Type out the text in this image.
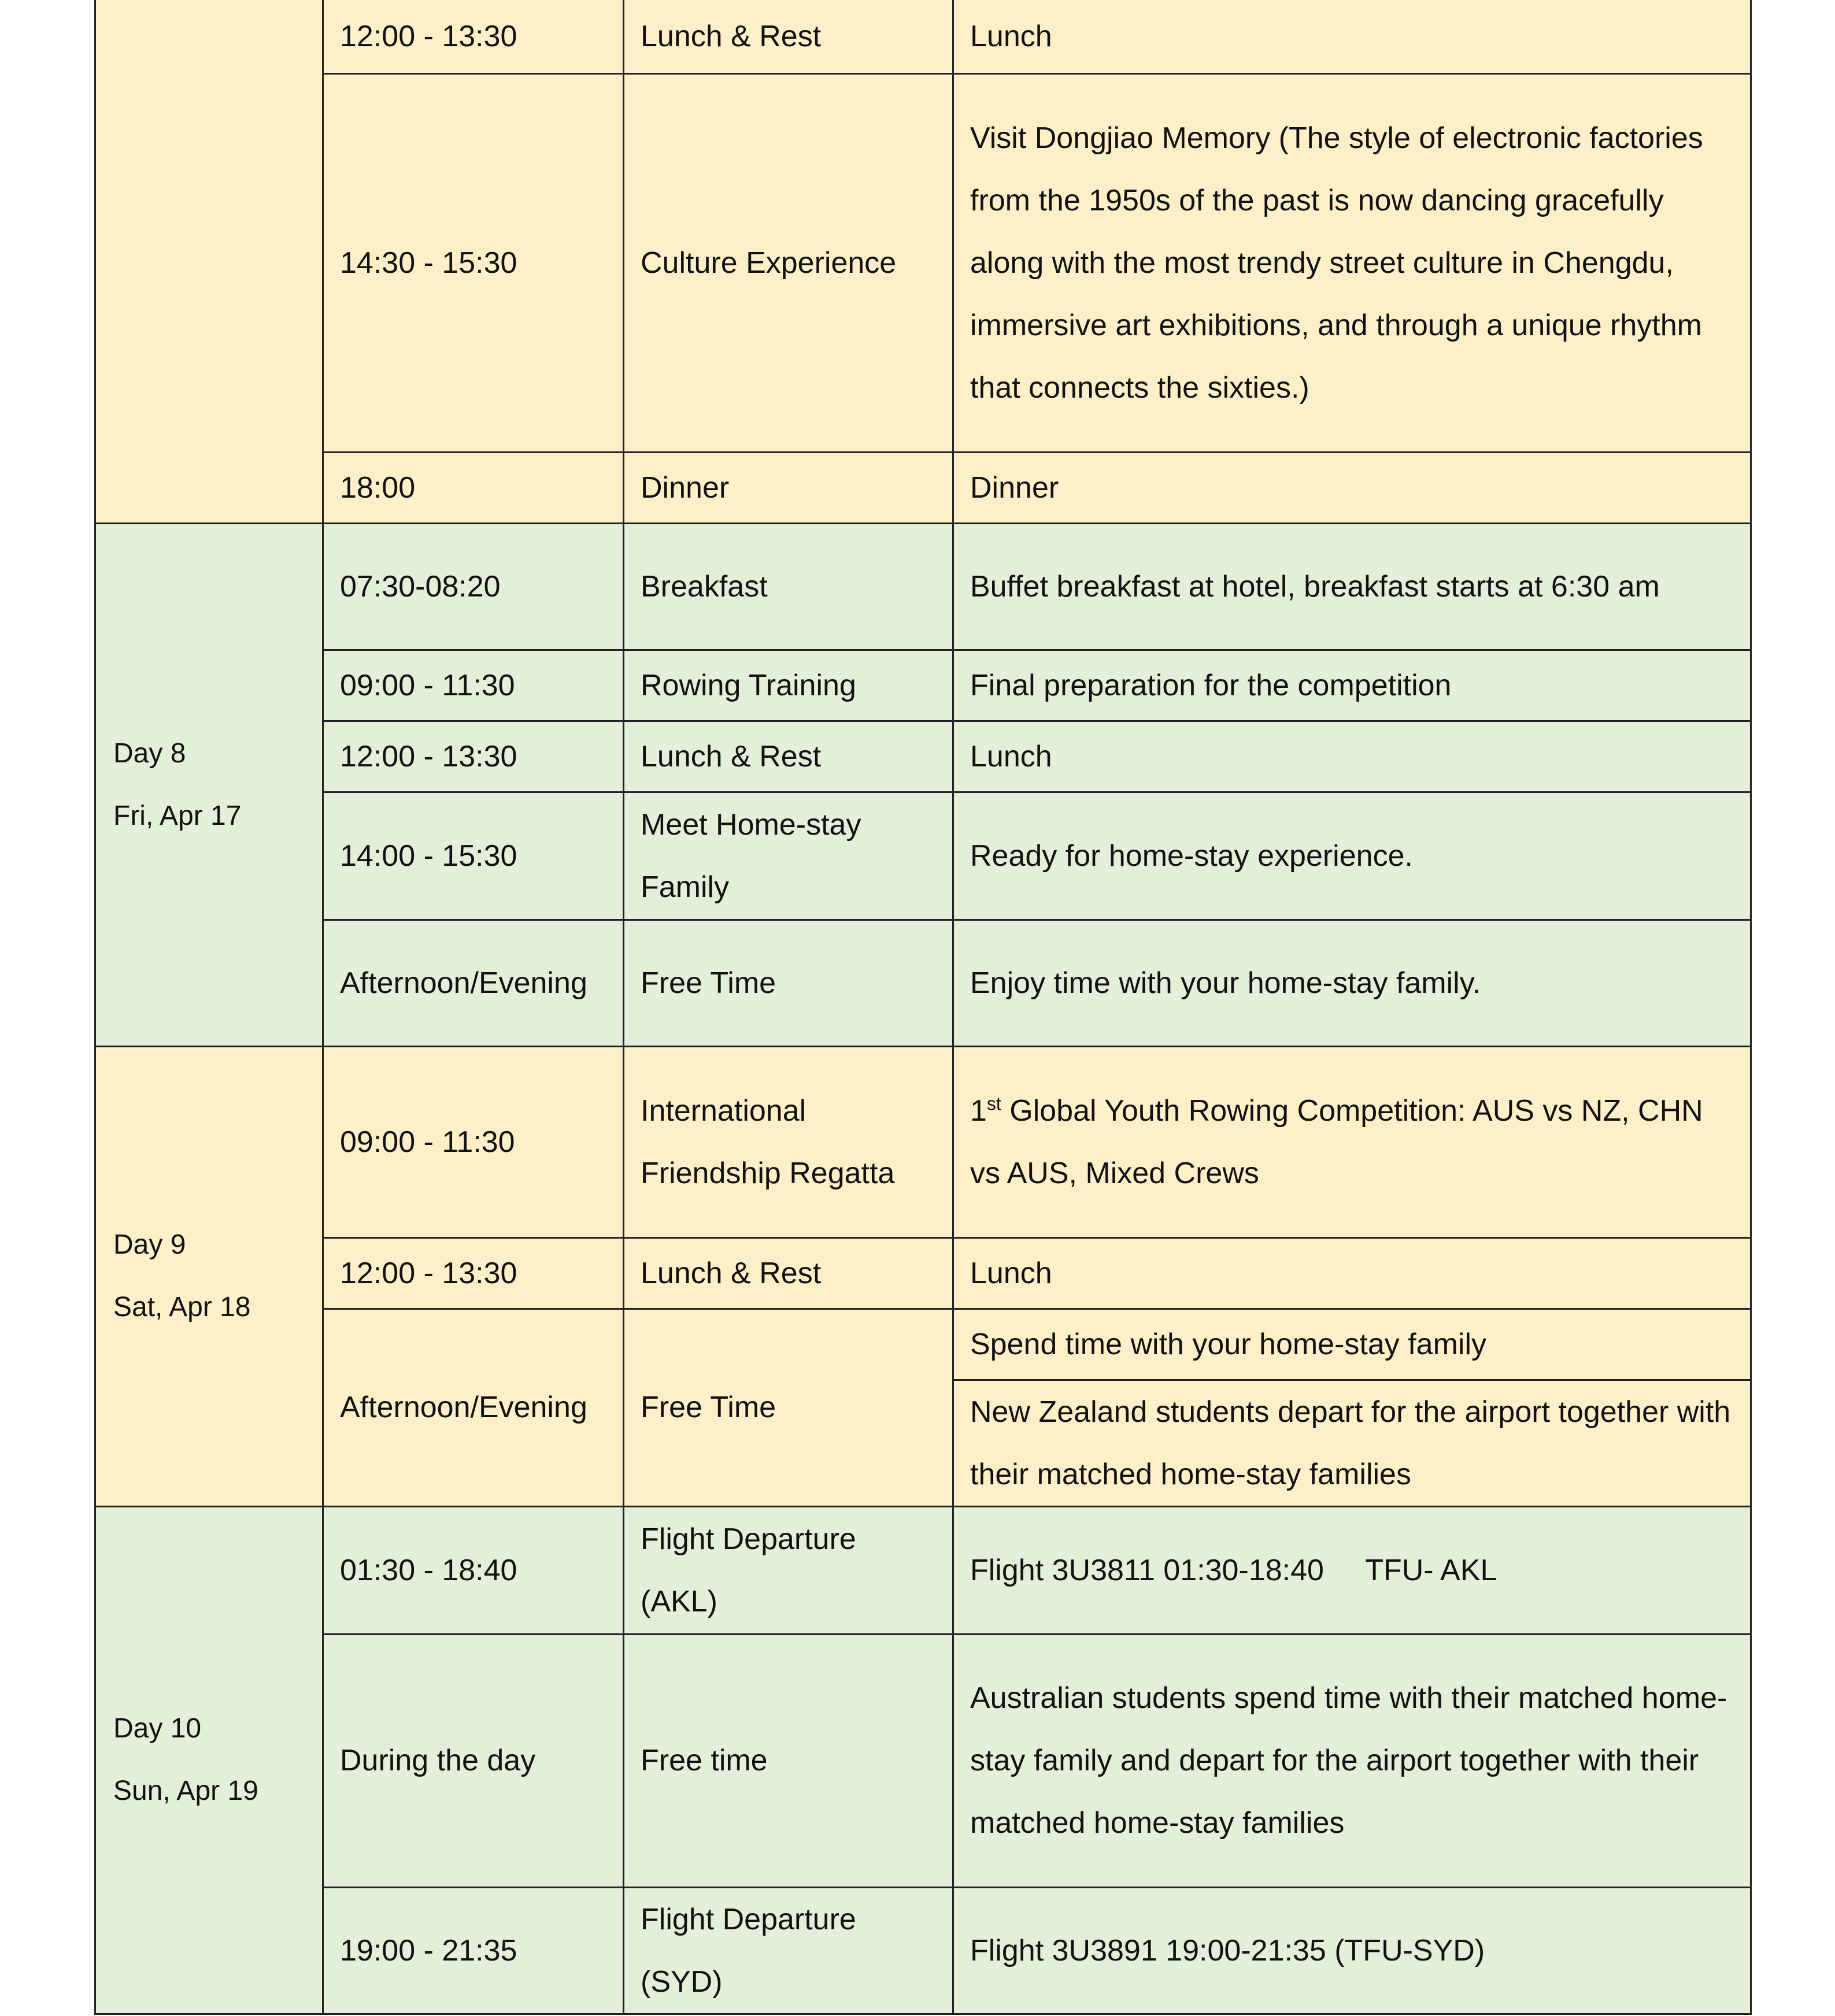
	12:00 - 13:30	Lunch & Rest	Lunch
	14:30 - 15:30	Culture Experience	Visit Dongjiao Memory (The style of electronic factories from the 1950s of the past is now dancing gracefully along with the most trendy street culture in Chengdu, immersive art exhibitions, and through a unique rhythm that connects the sixties.)
	18:00	Dinner	Dinner

Day 8
Fri, Apr 17	07:30-08:20	Breakfast	Buffet breakfast at hotel, breakfast starts at 6:30 am
	09:00 - 11:30	Rowing Training	Final preparation for the competition
	12:00 - 13:30	Lunch & Rest	Lunch
	14:00 - 15:30	Meet Home-stay Family	Ready for home-stay experience.
	Afternoon/Evening	Free Time	Enjoy time with your home-stay family.

Day 9
Sat, Apr 18	09:00 - 11:30	International Friendship Regatta	1st Global Youth Rowing Competition: AUS vs NZ, CHN vs AUS, Mixed Crews
	12:00 - 13:30	Lunch & Rest	Lunch
	Afternoon/Evening	Free Time	Spend time with your home-stay family
			New Zealand students depart for the airport together with their matched home-stay families

Day 10
Sun, Apr 19	01:30 - 18:40	Flight Departure (AKL)	Flight 3U3811 01:30-18:40     TFU- AKL
	During the day	Free time	Australian students spend time with their matched home-stay family and depart for the airport together with their matched home-stay families
	19:00 - 21:35	Flight Departure (SYD)	Flight 3U3891 19:00-21:35 (TFU-SYD)
